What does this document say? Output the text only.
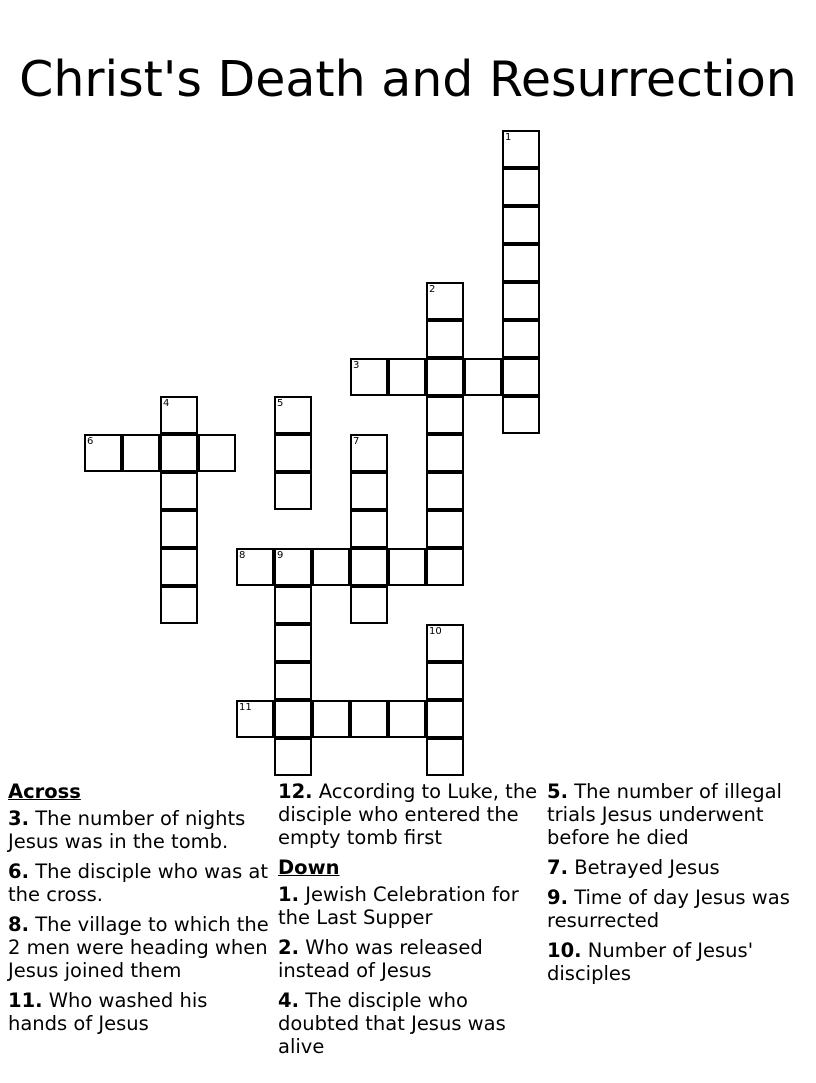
Christ's Death and Resurrection
1
2
3
4
6
5
7
8	9
11
10
Across
3. The number of nights Jesus was in the tomb.
6. The disciple who was at the cross.
8. The village to which the 2 men were heading when Jesus joined them
11. Who washed his hands of Jesus
12. According to Luke, the disciple who entered the empty tomb first
Down
1. Jewish Celebration for the Last Supper
2. Who was released instead of Jesus
4. The disciple who doubted that Jesus was alive
5. The number of illegal trials Jesus underwent before he died
7. Betrayed Jesus
9. Time of day Jesus was resurrected
10. Number of Jesus' disciples
